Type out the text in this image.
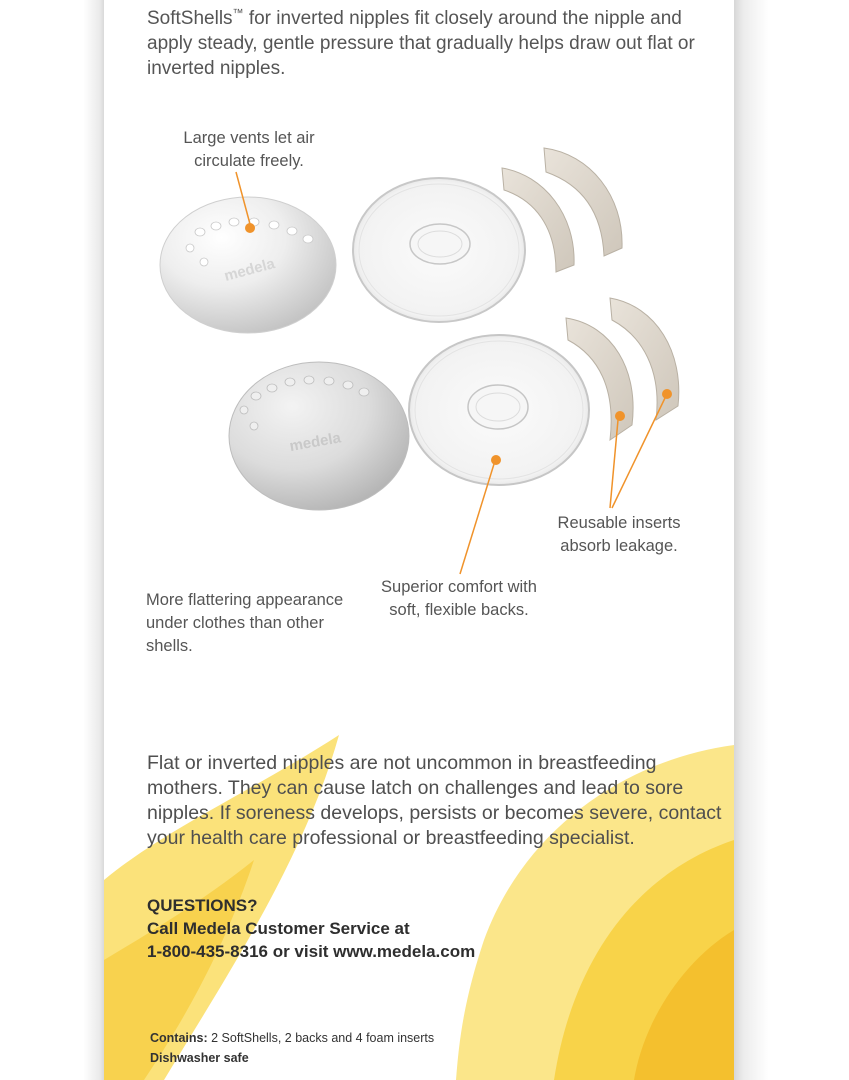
medela
medela
SoftShells™ for inverted nipples fit closely around the nipple and apply steady, gentle pressure that gradually helps draw out flat or inverted nipples.
Large vents let air circulate freely.
More flattering appearance under clothes than other shells.
Superior comfort with soft, flexible backs.
Reusable inserts absorb leakage.
Flat or inverted nipples are not uncommon in breastfeeding mothers. They can cause latch on challenges and lead to sore nipples. If soreness develops, persists or becomes severe, contact your health care professional or breastfeeding specialist.
QUESTIONS?
Call Medela Customer Service at
1-800-435-8316 or visit www.medela.com
Contains: 2 SoftShells, 2 backs and 4 foam inserts
Dishwasher safe
